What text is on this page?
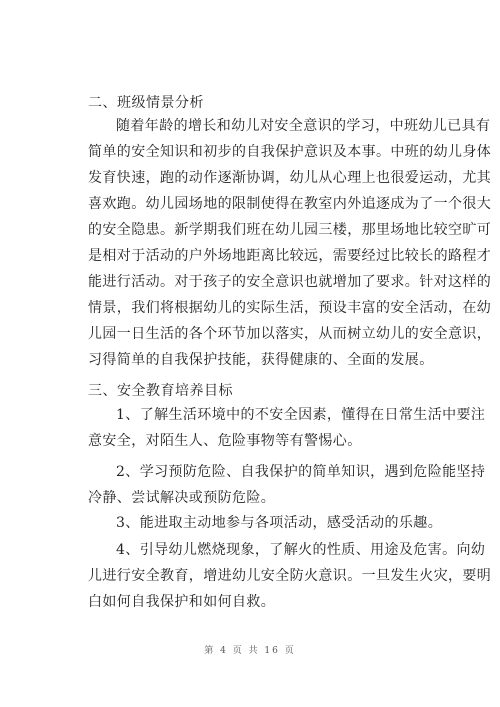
二、班级情景分析
随着年龄的增长和幼儿对安全意识的学习，中班幼儿已具有
简单的安全知识和初步的自我保护意识及本事。中班的幼儿身体
发育快速，跑的动作逐渐协调，幼儿从心理上也很爱运动，尤其
喜欢跑。幼儿园场地的限制使得在教室内外追逐成为了一个很大
的安全隐患。新学期我们班在幼儿园三楼，那里场地比较空旷可
是相对于活动的户外场地距离比较远，需要经过比较长的路程才
能进行活动。对于孩子的安全意识也就增加了要求。针对这样的
情景，我们将根据幼儿的实际生活，预设丰富的安全活动，在幼
儿园一日生活的各个环节加以落实，从而树立幼儿的安全意识，
习得简单的自我保护技能，获得健康的、全面的发展。
三、安全教育培养目标
1、了解生活环境中的不安全因素，懂得在日常生活中要注
意安全，对陌生人、危险事物等有警惕心。
2、学习预防危险、自我保护的简单知识，遇到危险能坚持
冷静、尝试解决或预防危险。
3、能进取主动地参与各项活动，感受活动的乐趣。
4、引导幼儿燃烧现象，了解火的性质、用途及危害。向幼
儿进行安全教育，增进幼儿安全防火意识。一旦发生火灾，要明
白如何自我保护和如何自救。
第 4 页 共 16 页
